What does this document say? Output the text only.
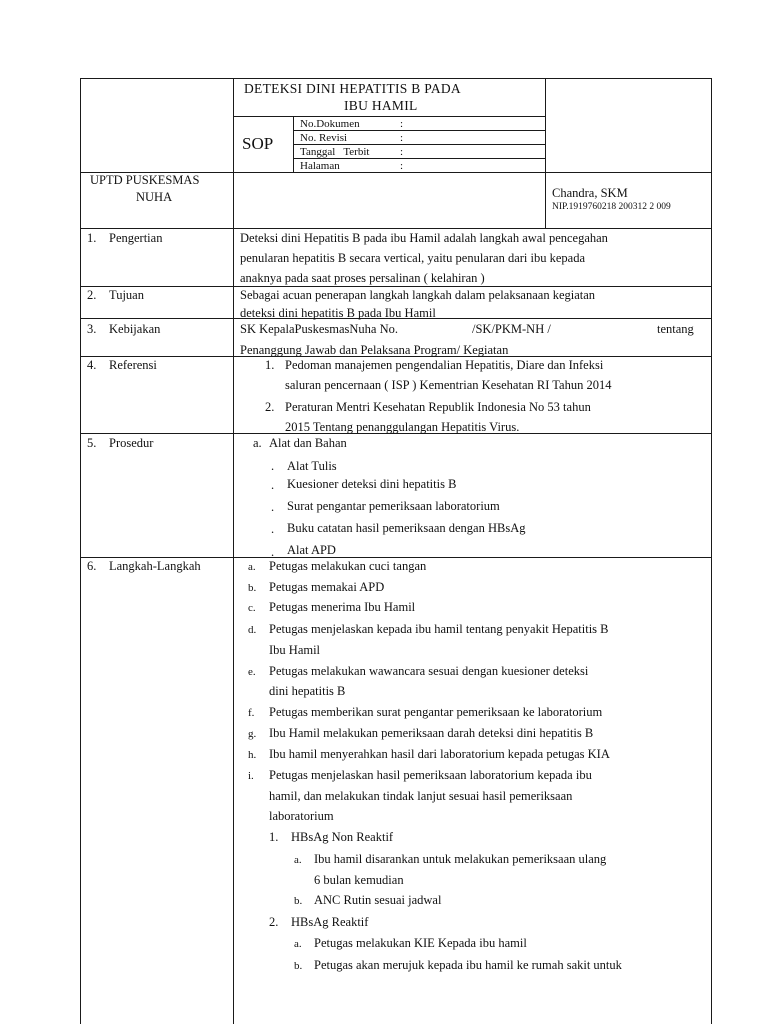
DETEKSI DINI HEPATITIS B PADA
IBU HAMIL
SOP
No.Dokumen	:
No. Revisi	:
Tanggal   Terbit	:
Halaman	:
UPTD PUSKESMAS
NUHA	Chandra, SKM
NIP.1919760218 200312 2 009
1. Pengertian	Deteksi dini Hepatitis B pada ibu Hamil adalah langkah awal pencegahan
penularan hepatitis B secara vertical, yaitu penularan dari ibu kepada
anaknya pada saat proses persalinan ( kelahiran )
2. Tujuan	Sebagai acuan penerapan langkah langkah dalam pelaksanaan kegiatan
deteksi dini hepatitis B pada Ibu Hamil
3. Kebijakan	SK KepalaPuskesmasNuha No.	/SK/PKM-NH /	tentang
Penanggung Jawab dan Pelaksana Program/ Kegiatan
4. Referensi	1. Pedoman manajemen pengendalian Hepatitis, Diare dan Infeksi
saluran pencernaan ( ISP ) Kementrian Kesehatan RI Tahun 2014
2. Peraturan Mentri Kesehatan Republik Indonesia No 53 tahun
2015 Tentang penanggulangan Hepatitis Virus.
5. Prosedur	a. Alat dan Bahan
. Alat Tulis
. Kuesioner deteksi dini hepatitis B
. Surat pengantar pemeriksaan laboratorium
. Buku catatan hasil pemeriksaan dengan HBsAg
. Alat APD
6. Langkah-Langkah	a. Petugas melakukan cuci tangan
b. Petugas memakai APD
c. Petugas menerima Ibu Hamil
d. Petugas menjelaskan kepada ibu hamil tentang penyakit Hepatitis B
Ibu Hamil
e. Petugas melakukan wawancara sesuai dengan kuesioner deteksi
dini hepatitis B
f. Petugas memberikan surat pengantar pemeriksaan ke laboratorium
g. Ibu Hamil melakukan pemeriksaan darah deteksi dini hepatitis B
h. Ibu hamil menyerahkan hasil dari laboratorium kepada petugas KIA
i. Petugas menjelaskan hasil pemeriksaan laboratorium kepada ibu
hamil, dan melakukan tindak lanjut sesuai hasil pemeriksaan
laboratorium
1. HBsAg Non Reaktif
a. Ibu hamil disarankan untuk melakukan pemeriksaan ulang
6 bulan kemudian
b. ANC Rutin sesuai jadwal
2. HBsAg Reaktif
a. Petugas melakukan KIE Kepada ibu hamil
b. Petugas akan merujuk kepada ibu hamil ke rumah sakit untuk
